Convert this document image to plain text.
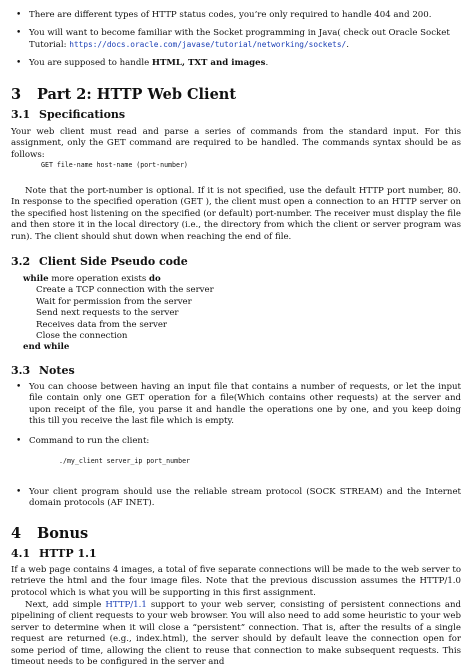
• There are different types of HTTP status codes, you’re only required to handle 404 and 200.
• You will want to become familiar with the Socket programming in Java( check out Oracle Socket Tutorial: https://docs.oracle.com/javase/tutorial/networking/sockets/.
• You are supposed to handle HTML, TXT and images.
3 Part 2: HTTP Web Client
3.1 Specifications

Your web client must read and parse a series of commands from the standard input. For this assignment, only the GET command are required to be handled. The commands syntax should be as follows:

GET file-name host-name (port-number)

Note that the port-number is optional. If it is not specified, use the default HTTP port number, 80. In response to the specified operation (GET ), the client must open a connection to an HTTP server on the specified host listening on the specified (or default) port-number. The receiver must display the file and then store it in the local directory (i.e., the directory from which the client or server program was run). The client should shut down when reaching the end of file.

3.2 Client Side Pseudo code
while more operation exists do
Create a TCP connection with the server
Wait for permission from the server
Send next requests to the server
Receives data from the server
Close the connection
end while
3.3 Notes

• You can choose between having an input file that contains a number of requests, or let the input file contain only one GET operation for a file(Which contains other requests) at the server and upon receipt of the file, you parse it and handle the operations one by one, and you keep doing this till you receive the last file which is empty.

• Command to run the client:
./my_client server_ip port_number

• Your client program should use the reliable stream protocol (SOCK STREAM) and the Internet domain protocols (AF INET).

4 Bonus
4.1 HTTP 1.1

If a web page contains 4 images, a total of five separate connections will be made to the web server to retrieve the html and the four image files. Note that the previous discussion assumes the HTTP/1.0 protocol which is what you will be supporting in this first assignment.

Next, add simple HTTP/1.1 support to your web server, consisting of persistent connections and pipelining of client requests to your web browser. You will also need to add some heuristic to your web server to determine when it will close a “persistent” connection. That is, after the results of a single request are returned (e.g., index.html), the server should by default leave the connection open for some period of time, allowing the client to reuse that connection to make subsequent requests. This timeout needs to be configured in the server and
